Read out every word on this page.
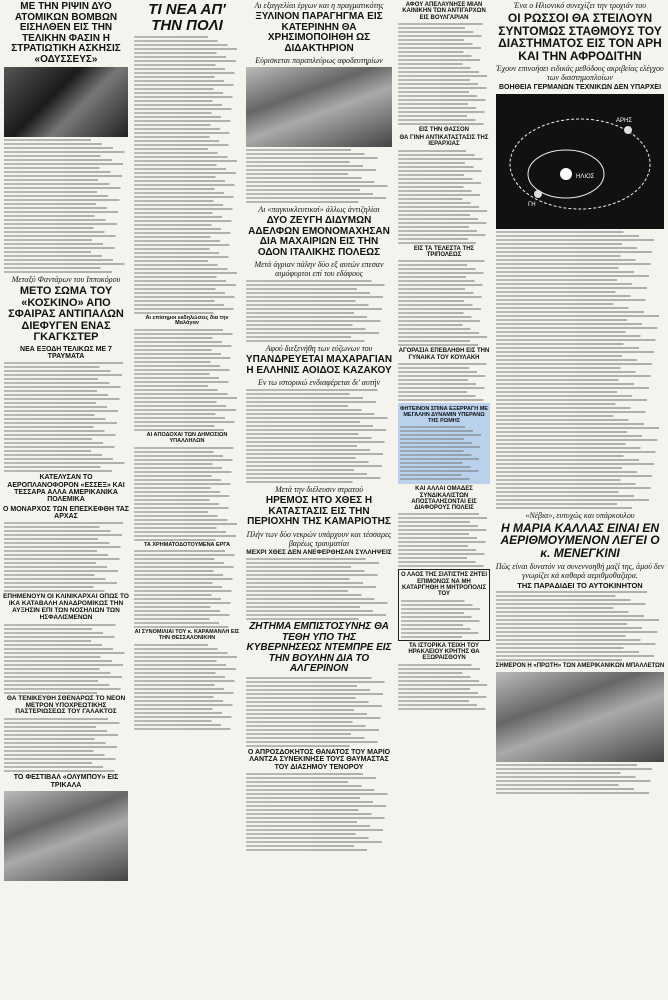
ΜΕ ΤΗΝ ΡΙΨΙΝ ΔΥΟ ΑΤΟΜΙΚΩΝ ΒΟΜΒΩΝ ΕΙΣΗΛΘΕΝ ΕΙΣ ΤΗΝ ΤΕΛΙΚΗΝ ΦΑΣΙΝ Η ΣΤΡΑΤΙΩΤΙΚΗ ΑΣΚΗΣΙΣ «ΟΔΥΣΣΕΥΣ»
Μεταξύ Φαντάρων του Ιπποκόρου
ΜΕΤΟ ΣΩΜΑ ΤΟΥ «ΚΟΣΚΙΝΟ» ΑΠΟ ΣΦΑΙΡΑΣ ΑΝΤΙΠΑΛΩΝ ΔΙΕΦΥΓΕΝ ΕΝΑΣ ΓΚΑΓΚΣΤΕΡ
ΝΕΑ ΕΞΟΔΗ ΤΕΛΙΚΩΣ ΜΕ 7 ΤΡΑΥΜΑΤΑ
ΚΑΤΕΛΥΣΑΝ ΤΟ ΑΕΡΟΠΛΑΝΟΦΟΡΟΝ «ΕΣΣΕΞ» ΚΑΙ ΤΕΣΣΑΡΑ ΑΛΛΑ ΑΜΕΡΙΚΑΝΙΚΑ ΠΟΛΕΜΙΚΑ
Ο ΜΟΝΑΡΧΟΣ ΤΩΝ ΕΠΕΣΚΕΦΘΗ ΤΑΣ ΑΡΧΑΣ
ΕΠΗΜΕΝΟΥΝ ΟΙ ΚΛΙΝΙΚΑΡΧΑΙ ΟΠΩΣ ΤΟ ΙΚΑ ΚΑΤΑΒΑΛΗ ΑΝΑΔΡΟΜΙΚΩΣ ΤΗΝ ΑΥΞΗΣΙΝ ΕΠΙ ΤΩΝ ΝΟΣΗΛΙΩΝ ΤΩΝ ΗΣΦΑΛΙΣΜΕΝΩΝ
ΘΑ ΤΕΝΙΚΕΥΘΗ ΣΘΕΝΑΡΩΣ ΤΟ ΝΕΟΝ ΜΕΤΡΟΝ ΥΠΟΧΡΕΩΤΙΚΗΣ ΠΑΣΤΕΡΙΩΣΕΩΣ ΤΟΥ ΓΑΛΑΚΤΟΣ
ΤΟ ΦΕΣΤΙΒΑΛ «ΟΛΥΜΠΟΥ» ΕΙΣ ΤΡΙΚΑΛΑ
ΤΙ ΝΕΑ ΑΠ' ΤΗΝ ΠΟΛΙ
Αι επίσημοι εκδηλώσεις δια την Μαλάγαν
ΑΙ ΑΠΟΔΟΧΑΙ ΤΩΝ ΔΗΜΟΣΙΩΝ ΥΠΑΛΛΗΛΩΝ
ΤΑ ΧΡΗΜΑΤΟΔΟΤΟΥΜΕΝΑ ΕΡΓΑ
ΑΙ ΣΥΝΟΜΙΛΙΑΙ ΤΟΥ κ. ΚΑΡΑΜΑΝΛΗ ΕΙΣ ΤΗΝ ΘΕΣΣΑΛΟΝΙΚΗΝ
Αι εξαγγελίαι έργων και η πραγματικότης
ΞΥΛΙΝΟΝ ΠΑΡΑΓΗΓΜΑ ΕΙΣ ΚΑΤΕΡΙΝΗΝ ΘΑ ΧΡΗΣΙΜΟΠΟΙΗΘΗ ΩΣ ΔΙΔΑΚΤΗΡΙΟΝ
Εύρισκεται παραπλεύρως αφοδευτηρίων
Αι «παγκυκλευτικαί» άλλως άντιζηλίαι
ΔΥΟ ΖΕΥΓΗ ΔΙΔΥΜΩΝ ΑΔΕΛΦΩΝ ΕΜΟΝΟΜΑΧΗΣΑΝ ΔΙΑ ΜΑΧΑΙΡΙΩΝ ΕΙΣ ΤΗΝ ΟΔΟΝ ΙΤΑΛΙΚΗΣ ΠΟΛΕΩΣ
Μετά άγριαν πάλην δύο εξ αυτών επεσαν αιμόφυρτοι επί του εδάφους
Αφού διεξενήθη των εύζωνων του
ΥΠΑΝΔΡΕΥΕΤΑΙ ΜΑΧΑΡΑΓΙΑΝ Η ΕΛΛΗΝΙΣ ΑΟΙΔΟΣ ΚΑΖΑΚΟΥ
Εν τω ιστορικώ ενδιαφέρεται δι' αυτήν
Μετά την διέλευσιν στρατού
ΗΡΕΜΟΣ ΗΤΟ ΧΘΕΣ Η ΚΑΤΑΣΤΑΣΙΣ ΕΙΣ ΤΗΝ ΠΕΡΙΟΧΗΝ ΤΗΣ ΚΑΜΑΡΙΟΤΗΣ
Πλήν των δύο νεκρών υπάρχουν και τέσσαρες βαρέως τραυματίαι
ΜΕΧΡΙ ΧΘΕΣ ΔΕΝ ΑΝΕΦΕΡΘΗΣΑΝ ΣΥΛΛΗΨΕΙΣ
ΖΗΤΗΜΑ ΕΜΠΙΣΤΟΣΥΝΗΣ ΘΑ ΤΕΘΗ ΥΠΟ ΤΗΣ ΚΥΒΕΡΝΗΣΕΩΣ ΝΤΕΜΠΡΕ ΕΙΣ ΤΗΝ ΒΟΥΛΗΝ ΔΙΑ ΤΟ ΑΛΓΕΡΙΝΟΝ
Ο ΑΠΡΟΣΔΟΚΗΤΟΣ ΘΑΝΑΤΟΣ ΤΟΥ ΜΑΡΙΟ ΛΑΝΤΖΑ ΣΥΝΕΚΙΝΗΣΕ ΤΟΥΣ ΘΑΥΜΑΣΤΑΣ ΤΟΥ ΔΙΑΣΗΜΟΥ ΤΕΝΟΡΟΥ
ΑΦΟΥ ΑΠΕΛΑΥΝΗΣΕ ΜΙΑΝ ΚΑΙΝΙΚΗΝ ΤΩΝ ΑΝΤΙΓΑΡΧΩΝ ΕΙΣ ΒΟΥΛΓΑΡΙΑΝ
ΕΙΣ ΤΗΝ ΘΑΣΣΟΝ
ΘΑ ΓΙΝΗ ΑΝΤΙΚΑΤΑΣΤΑΣΙΣ ΤΗΣ ΙΕΡΑΡΧΙΑΣ
ΕΙΣ ΤΑ ΤΕΛΕΣΤΑ ΤΗΣ ΤΡΙΠΟΛΕΩΣ
ΑΓΟΡΑΣΙΑ ΕΠΕΒΛΗΘΗ ΕΙΣ ΤΗΝ ΓΥΝΑΙΚΑ ΤΟΥ ΚΟΥΛΑΚΗ
ΦΗΤΕΙΝΟΝ ΣΠΙΝΑ ΕΞΕΡΡΑΓΗ ΜΕ ΜΕΓΑΛΗΝ ΔΥΝΑΜΙΝ ΥΠΕΡΑΝΩ ΤΗΣ ΡΩΜΗΣ
ΚΑΙ ΑΛΛΑΙ ΟΜΑΔΕΣ ΣΥΝΔΙΚΑΛΙΣΤΩΝ ΑΠΟΣΤΑΛΗΣΟΝΤΑΙ ΕΙΣ ΔΙΑΦΟΡΟΥΣ ΠΟΛΕΙΣ
Ο ΛΑΟΣ ΤΗΣ ΣΙΑΤΙΣΤΗΣ ΖΗΤΕΙ ΕΠΙΜΟΝΩΣ ΝΑ ΜΗ ΚΑΤΑΡΓΗΘΗ Η ΜΗΤΡΟΠΟΛΙΣ ΤΟΥ
ΤΑ ΙΣΤΟΡΙΚΑ ΤΕΙΧΗ ΤΟΥ ΗΡΑΚΛΕΙΟΥ ΚΡΗΤΗΣ ΘΑ ΕΞΩΡΑΙΣΘΟΥΝ
Ένα ο Ηλιονικό συνεχίζει την τροχιάν του
ΟΙ ΡΩΣΣΟΙ ΘΑ ΣΤΕΙΛΟΥΝ ΣΥΝΤΟΜΩΣ ΣΤΑΘΜΟΥΣ ΤΟΥ ΔΙΑΣΤΗΜΑΤΟΣ ΕΙΣ ΤΟΝ ΑΡΗ ΚΑΙ ΤΗΝ ΑΦΡΟΔΙΤΗΝ
Έχουν επινοήσει ειδικάς μεθόδους ακριβείας ελέγχου των διαστημοπλοίων
ΒΟΗΘΕΙΑ ΓΕΡΜΑΝΩΝ ΤΕΧΝΙΚΩΝ ΔΕΝ ΥΠΑΡΧΕΙ
ΗΛΙΟΣ
ΓΗ
ΑΡΗΣ
«Νέβια», ευτυχώς και υπάρκουλου
Η ΜΑΡΙΑ ΚΑΛΛΑΣ ΕΙΝΑΙ ΕΝ ΑΕΡΙΘΜΟΥΜΕΝΟΝ ΛΕΓΕΙ Ο κ. ΜΕΝΕΓΚΙΝΙ
Πώς είναι δυνατόν να συνεννοηθή μαζί της, άμού δεν γνωρίζει κά καθαρά αεριθμοθαζαρα.
ΤΗΣ ΠΑΡΑΔΙΔΕΙ ΤΟ ΑΥΤΟΚΙΝΗΤΟΝ
ΣΗΜΕΡΟΝ Η «ΠΡΩΤΗ» ΤΩΝ ΑΜΕΡΙΚΑΝΙΚΩΝ ΜΠΑΛΛΕΤΩΝ
